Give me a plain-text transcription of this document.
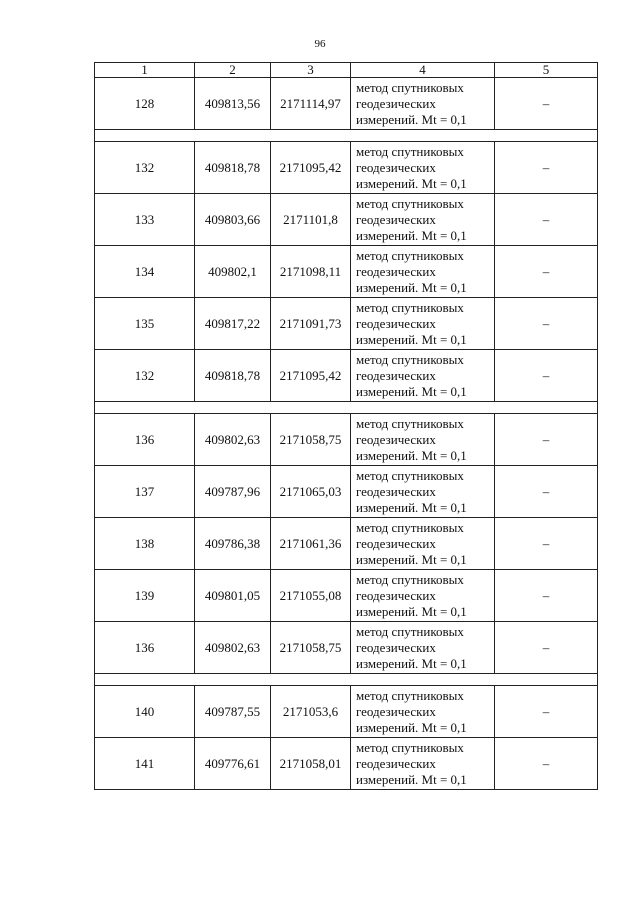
96
1	2	3	4	5
128	409813,56	2171114,97	метод спутниковых
геодезических
измерений. Mt = 0,1	–

132	409818,78	2171095,42	метод спутниковых
геодезических
измерений. Mt = 0,1	–
133	409803,66	2171101,8	метод спутниковых
геодезических
измерений. Mt = 0,1	–
134	409802,1	2171098,11	метод спутниковых
геодезических
измерений. Mt = 0,1	–
135	409817,22	2171091,73	метод спутниковых
геодезических
измерений. Mt = 0,1	–
132	409818,78	2171095,42	метод спутниковых
геодезических
измерений. Mt = 0,1	–

136	409802,63	2171058,75	метод спутниковых
геодезических
измерений. Mt = 0,1	–
137	409787,96	2171065,03	метод спутниковых
геодезических
измерений. Mt = 0,1	–
138	409786,38	2171061,36	метод спутниковых
геодезических
измерений. Mt = 0,1	–
139	409801,05	2171055,08	метод спутниковых
геодезических
измерений. Mt = 0,1	–
136	409802,63	2171058,75	метод спутниковых
геодезических
измерений. Mt = 0,1	–

140	409787,55	2171053,6	метод спутниковых
геодезических
измерений. Mt = 0,1	–
141	409776,61	2171058,01	метод спутниковых
геодезических
измерений. Mt = 0,1	–
